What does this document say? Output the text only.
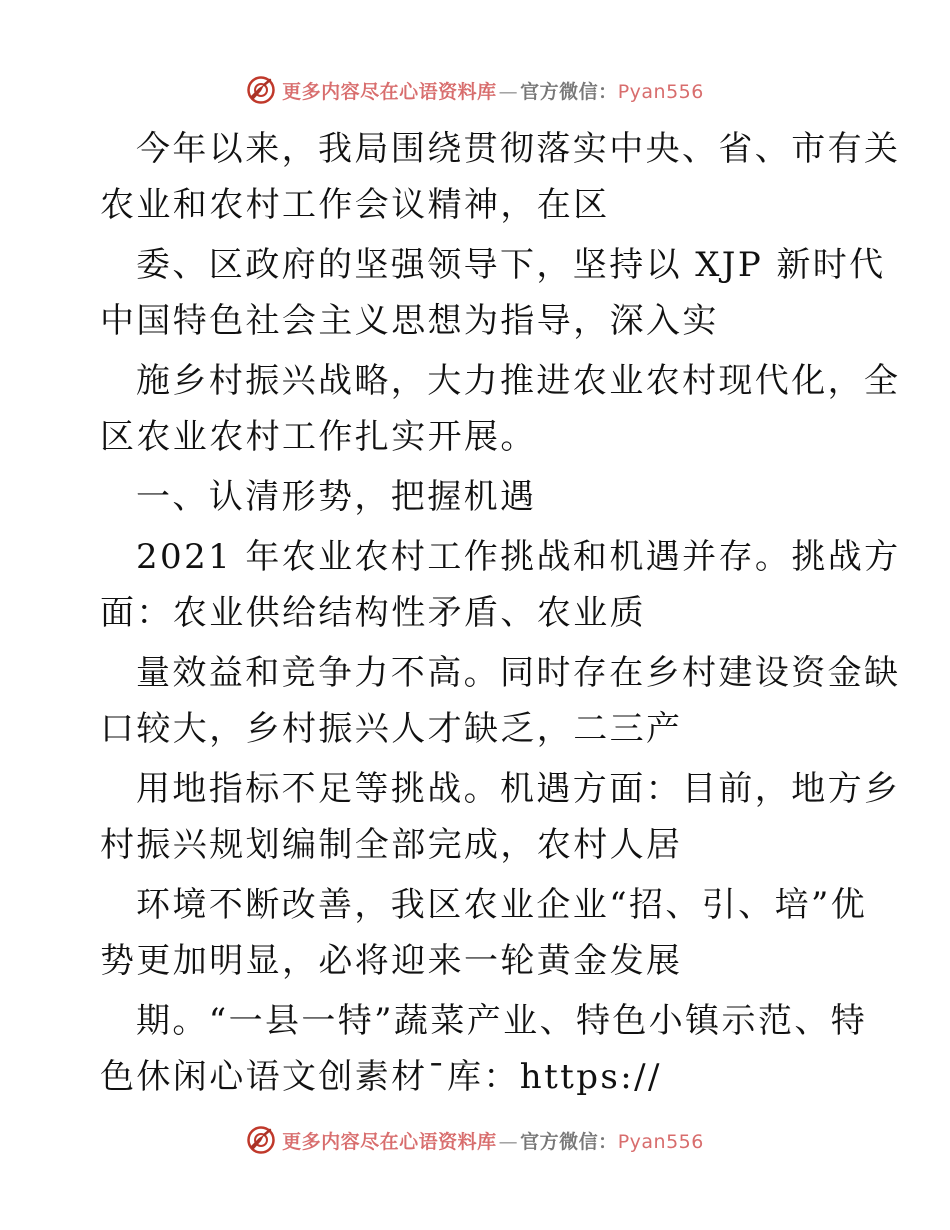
更多内容尽在心语资料库 — 官方微信：Pyan556
今年以来，我局围绕贯彻落实中央、省、市有关
农业和农村工作会议精神，在区
委、区政府的坚强领导下，坚持以 XJP 新时代
中国特色社会主义思想为指导，深入实
施乡村振兴战略，大力推进农业农村现代化，全
区农业农村工作扎实开展。
一、认清形势，把握机遇
2021 年农业农村工作挑战和机遇并存。挑战方
面：农业供给结构性矛盾、农业质
量效益和竞争力不高。同时存在乡村建设资金缺
口较大，乡村振兴人才缺乏，二三产
用地指标不足等挑战。机遇方面：目前，地方乡
村振兴规划编制全部完成，农村人居
环境不断改善，我区农业企业“招、引、培”优
势更加明显，必将迎来一轮黄金发展
期。“一县一特”蔬菜产业、特色小镇示范、特
色休闲心语文创素材¯库：https://
更多内容尽在心语资料库 — 官方微信：Pyan556
